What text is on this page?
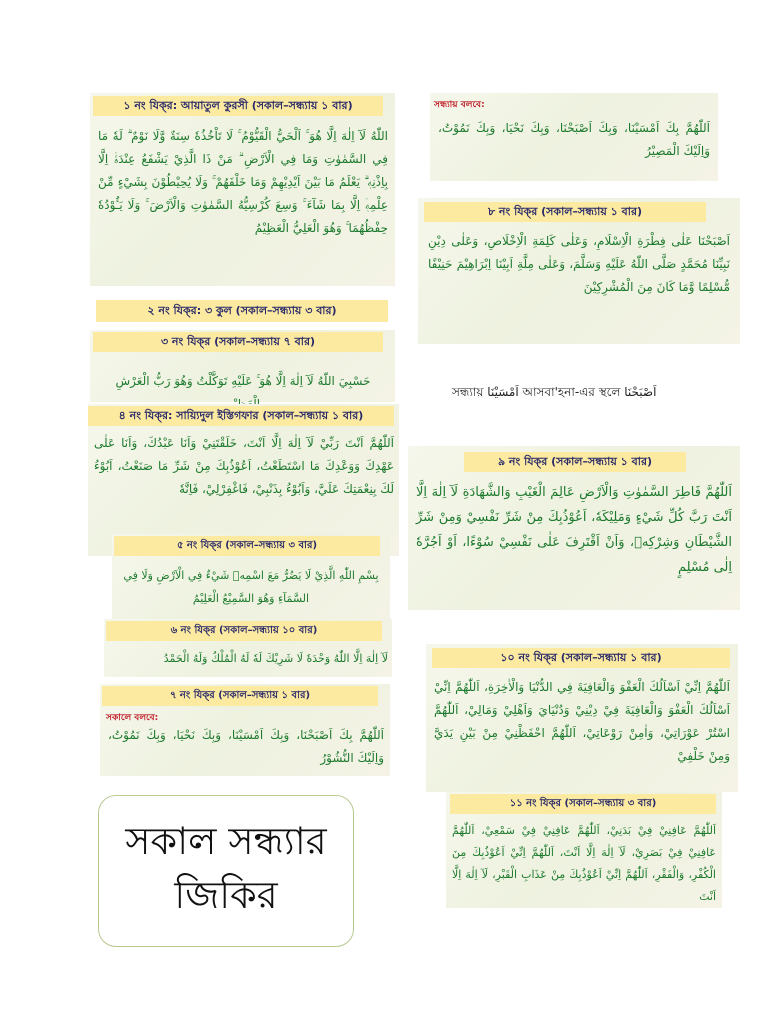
১ নং যিক্‌র: আয়াতুল কুরসী (সকাল–সন্ধ্যায় ১ বার)
اللّٰهُ لَآ اِلٰهَ اِلَّا هُوَ ۚ اَلْحَيُّ الْقَيُّوْمُ ۚ لَا تَاْخُذُهٗ سِنَةٌ وَّلَا نَوْمٌ ۗ لَهٗ مَا فِي السَّمٰوٰتِ وَمَا فِي الْاَرْضِ ۗ مَنْ ذَا الَّذِيْ يَشْفَعُ عِنْدَهٗۤ اِلَّا بِاِذْنِهٖ ۗ يَعْلَمُ مَا بَيْنَ اَيْدِيْهِمْ وَمَا خَلْفَهُمْ ۚ وَلَا يُحِيْطُوْنَ بِشَيْءٍ مِّنْ عِلْمِهٖۤ اِلَّا بِمَا شَآءَ ۚ وَسِعَ كُرْسِيُّهُ السَّمٰوٰتِ وَالْاَرْضَ ۚ وَلَا يَـُٔوْدُهٗ حِفْظُهُمَا ۚ وَهُوَ الْعَلِيُّ الْعَظِيْمُ
২ নং যিক্‌র: ৩ কুল (সকাল–সন্ধ্যায় ৩ বার)
৩ নং যিক্‌র (সকাল–সন্ধ্যায় ৭ বার)
حَسْبِيَ اللّٰهُ لَآ اِلٰهَ اِلَّا هُوَ ۚ عَلَيْهِ تَوَكَّلْتُ وَهُوَ رَبُّ الْعَرْشِ
৪ নং যিক্‌র: সায়্যিদুল ইস্তিগফার (সকাল–সন্ধ্যায় ১ বার)
اَللّٰهُمَّ اَنْتَ رَبِّيْ لَآ اِلٰهَ اِلَّا اَنْتَ، خَلَقْتَنِيْ وَاَنَا عَبْدُكَ، وَاَنَا عَلٰى عَهْدِكَ وَوَعْدِكَ مَا اسْتَطَعْتُ، اَعُوْذُبِكَ مِنْ شَرِّ مَا صَنَعْتُ، اَبُوْءُ لَكَ بِنِعْمَتِكَ عَلَيَّ، وَاَبُوْءُ بِذَنْبِيْ، فَاغْفِرْلِيْ، فَاِنَّهٗ
৫ নং যিক্‌র (সকাল–সন্ধ্যায় ৩ বার)
بِسْمِ اللّٰهِ الَّذِيْ لَا يَضُرُّ مَعَ اسْمِهٖ شَيْءٌ فِي الْاَرْضِ وَلَا فِي السَّمَآءِ وَهُوَ السَّمِيْعُ الْعَلِيْمُ
৬ নং যিক্‌র (সকাল–সন্ধ্যায় ১০ বার)
لَآ اِلٰهَ اِلَّا اللّٰهُ وَحْدَهٗ لَا شَرِيْكَ لَهٗ لَهُ الْمُلْكُ وَلَهُ الْحَمْدُ
৭ নং যিক্‌র (সকাল–সন্ধ্যায় ১ বার)
সকালে বলবে:
اَللّٰهُمَّ بِكَ اَصْبَحْنَا، وَبِكَ اَمْسَيْنَا، وَبِكَ نَحْيَا، وَبِكَ نَمُوْتُ، وَاِلَيْكَ النُّشُوْرُ
সন্ধ্যায় বলবে:
اَللّٰهُمَّ بِكَ اَمْسَيْنَا، وَبِكَ اَصْبَحْنَا، وَبِكَ نَحْيَا، وَبِكَ نَمُوْتُ، وَاِلَيْكَ الْمَصِيْرُ
৮ নং যিক্‌র (সকাল–সন্ধ্যায় ১ বার)
اَصْبَحْنَا عَلٰى فِطْرَةِ الْاِسْلَامِ، وَعَلٰى كَلِمَةِ الْاِخْلَاصِ، وَعَلٰى دِيْنِ نَبِيِّنَا مُحَمَّدٍ صَلَّى اللّٰهُ عَلَيْهِ وَسَلَّمَ، وَعَلٰى مِلَّةِ اَبِيْنَا اِبْرَاهِيْمَ حَنِيْفًا مُّسْلِمًا وَّمَا كَانَ مِنَ الْمُشْرِكِيْنَ
সন্ধ্যায় اَمْسَيْنَا আসবা'হনা-এর স্থলে اَصْبَحْنَا
৯ নং যিক্‌র (সকাল–সন্ধ্যায় ১ বার)
اَللّٰهُمَّ فَاطِرَ السَّمٰوٰتِ وَالْاَرْضِ عَالِمَ الْغَيْبِ وَالشَّهَادَةِ لَآ اِلٰهَ اِلَّا اَنْتَ رَبَّ كُلِّ شَيْءٍ وَمَلِيْكَهٗ، اَعُوْذُبِكَ مِنْ شَرِّ نَفْسِيْ وَمِنْ شَرِّ الشَّيْطَانِ وَشِرْكِهٖ، وَاَنْ اَقْتَرِفَ عَلٰى نَفْسِيْ سُوْءًا، اَوْ اَجُرَّهٗ اِلٰى مُسْلِمٍ
১০ নং যিক্‌র (সকাল–সন্ধ্যায় ১ বার)
اَللّٰهُمَّ اِنِّيْ اَسْاَلُكَ الْعَفْوَ وَالْعَافِيَةَ فِي الدُّنْيَا وَالْاٰخِرَةِ، اَللّٰهُمَّ اِنِّيْ اَسْاَلُكَ الْعَفْوَ وَالْعَافِيَةَ فِيْ دِيْنِيْ وَدُنْيَايَ وَاَهْلِيْ وَمَالِيْ، اَللّٰهُمَّ اسْتُرْ عَوْرَاتِيْ، وَاٰمِنْ رَوْعَاتِيْ، اَللّٰهُمَّ احْفَظْنِيْ مِنْ بَيْنِ يَدَيَّ وَمِنْ خَلْفِيْ
১১ নং যিক্‌র (সকাল–সন্ধ্যায় ৩ বার)
اَللّٰهُمَّ عَافِنِيْ فِيْ بَدَنِيْ، اَللّٰهُمَّ عَافِنِيْ فِيْ سَمْعِيْ، اَللّٰهُمَّ عَافِنِيْ فِيْ بَصَرِيْ، لَآ اِلٰهَ اِلَّا اَنْتَ، اَللّٰهُمَّ اِنِّيْ اَعُوْذُبِكَ مِنَ الْكُفْرِ، وَالْفَقْرِ، اَللّٰهُمَّ اِنِّيْ اَعُوْذُبِكَ مِنْ عَذَابِ الْقَبْرِ، لَآ اِلٰهَ اِلَّا اَنْتَ
সকাল সন্ধ্যার
জিকির
